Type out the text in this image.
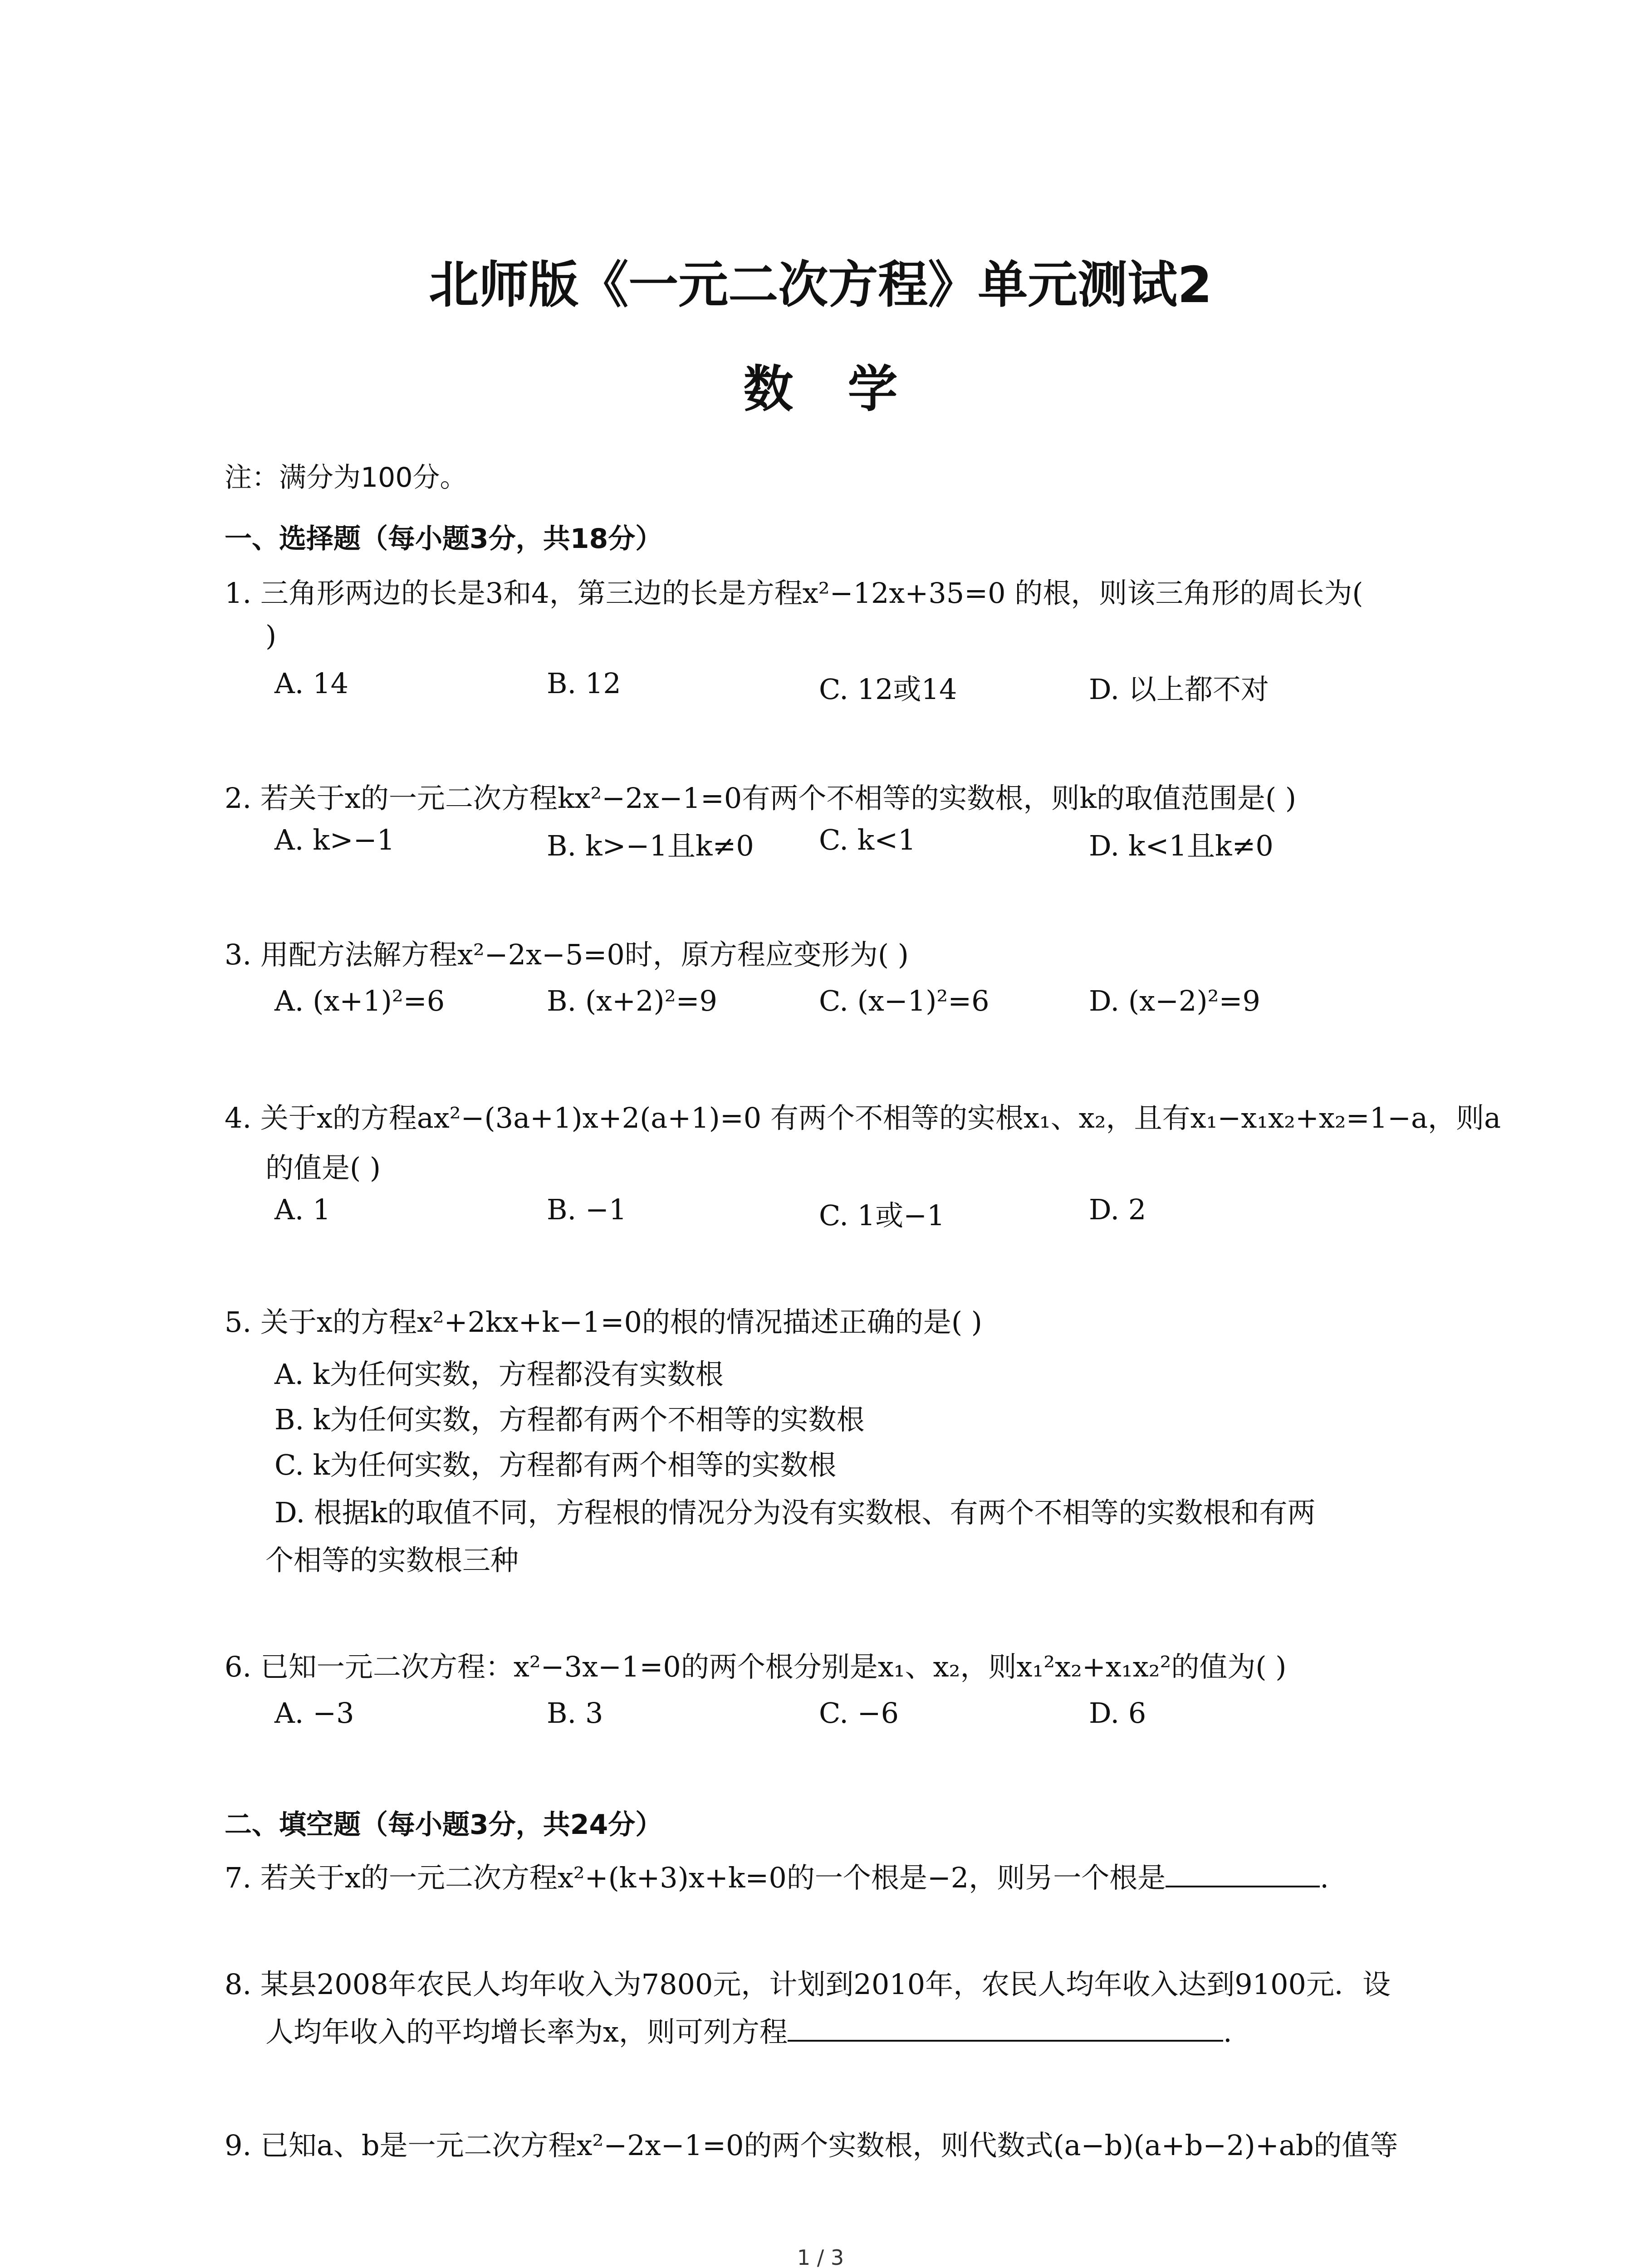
北师版《一元二次方程》单元测试2
数学
注：满分为100分。
一、选择题（每小题3分，共18分）
1. 三角形两边的长是3和4，第三边的长是方程x²−12x+35=0 的根，则该三角形的周长为(
)
A. 14	B. 12	C. 12或14	D. 以上都不对
2. 若关于x的一元二次方程kx²−2x−1=0有两个不相等的实数根，则k的取值范围是( )
A. k>−1	B. k>−1且k≠0 C. k<1	D. k<1且k≠0
3. 用配方法解方程x²−2x−5=0时，原方程应变形为( )
A. (x+1)²=6	B. (x+2)²=9	C. (x−1)²=6	D. (x−2)²=9
4. 关于x的方程ax²−(3a+1)x+2(a+1)=0 有两个不相等的实根x₁、x₂，且有x₁−x₁x₂+x₂=1−a，则a
的值是( )
A. 1	B. −1	C. 1或−1	D. 2
5. 关于x的方程x²+2kx+k−1=0的根的情况描述正确的是( )
A. k为任何实数，方程都没有实数根
B. k为任何实数，方程都有两个不相等的实数根
C. k为任何实数，方程都有两个相等的实数根
D. 根据k的取值不同，方程根的情况分为没有实数根、有两个不相等的实数根和有两
个相等的实数根三种
6. 已知一元二次方程：x²−3x−1=0的两个根分别是x₁、x₂，则x₁²x₂+x₁x₂²的值为( )
A. −3	B. 3	C. −6	D. 6
二、填空题（每小题3分，共24分）
7. 若关于x的一元二次方程x²+(k+3)x+k=0的一个根是−2，则另一个根是	.
8. 某县2008年农民人均年收入为7800元，计划到2010年，农民人均年收入达到9100元．设
人均年收入的平均增长率为x，则可列方程	.
9. 已知a、b是一元二次方程x²−2x−1=0的两个实数根，则代数式(a−b)(a+b−2)+ab的值等
1 / 3
